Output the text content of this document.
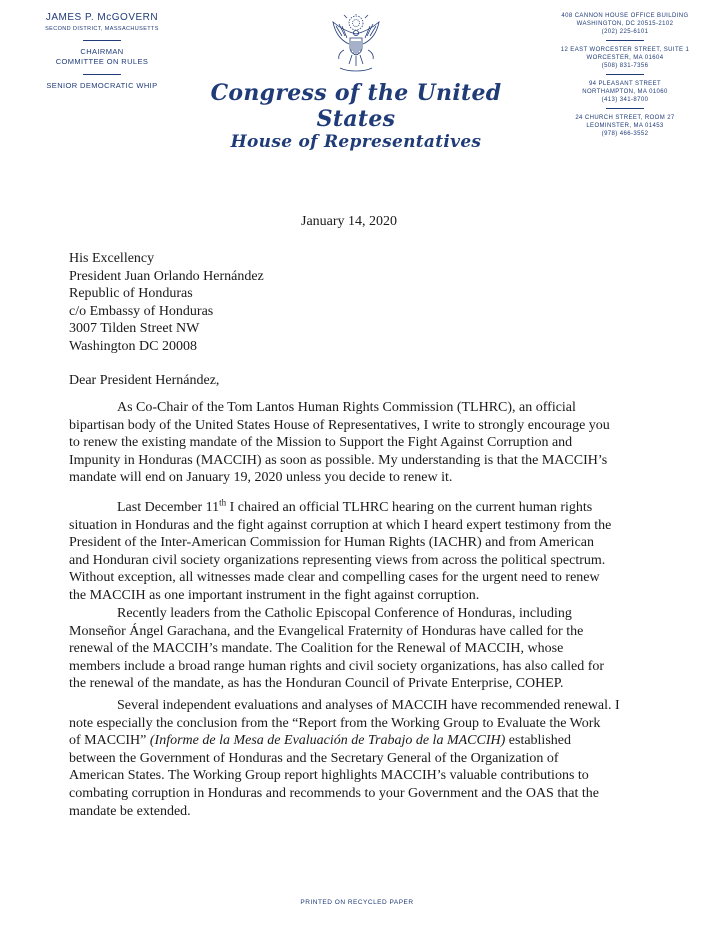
JAMES P. McGOVERN

SECOND DISTRICT, MASSACHUSETTS

CHAIRMAN

COMMITTEE ON RULES

SENIOR DEMOCRATIC WHIP	Congress of the United States
House of Representatives

408 CANNON HOUSE OFFICE BUILDING

WASHINGTON, DC 20515-2102

(202) 225-6101

12 EAST WORCESTER STREET, SUITE 1

WORCESTER, MA 01604

(508) 831-7356

94 PLEASANT STREET

NORTHAMPTON, MA 01060

(413) 341-8700

24 CHURCH STREET, ROOM 27

LEOMINSTER, MA 01453

(978) 466-3552

January 14, 2020
His Excellency
President Juan Orlando Hernández
Republic of Honduras
c/o Embassy of Honduras
3007 Tilden Street NW
Washington DC 20008
Dear President Hernández,

As Co-Chair of the Tom Lantos Human Rights Commission (TLHRC), an official
bipartisan body of the United States House of Representatives, I write to strongly encourage you
to renew the existing mandate of the Mission to Support the Fight Against Corruption and
Impunity in Honduras (MACCIH) as soon as possible. My understanding is that the MACCIH’s
mandate will end on January 19, 2020 unless you decide to renew it.

Last December 11th I chaired an official TLHRC hearing on the current human rights
situation in Honduras and the fight against corruption at which I heard expert testimony from the
President of the Inter-American Commission for Human Rights (IACHR) and from American
and Honduran civil society organizations representing views from across the political spectrum.
Without exception, all witnesses made clear and compelling cases for the urgent need to renew
the MACCIH as one important instrument in the fight against corruption.

Recently leaders from the Catholic Episcopal Conference of Honduras, including
Monseñor Ángel Garachana, and the Evangelical Fraternity of Honduras have called for the
renewal of the MACCIH’s mandate. The Coalition for the Renewal of MACCIH, whose
members include a broad range human rights and civil society organizations, has also called for
the renewal of the mandate, as has the Honduran Council of Private Enterprise, COHEP.

Several independent evaluations and analyses of MACCIH have recommended renewal. I
note especially the conclusion from the “Report from the Working Group to Evaluate the Work
of MACCIH” (Informe de la Mesa de Evaluación de Trabajo de la MACCIH) established
between the Government of Honduras and the Secretary General of the Organization of
American States. The Working Group report highlights MACCIH’s valuable contributions to
combating corruption in Honduras and recommends to your Government and the OAS that the
mandate be extended.

PRINTED ON RECYCLED PAPER
